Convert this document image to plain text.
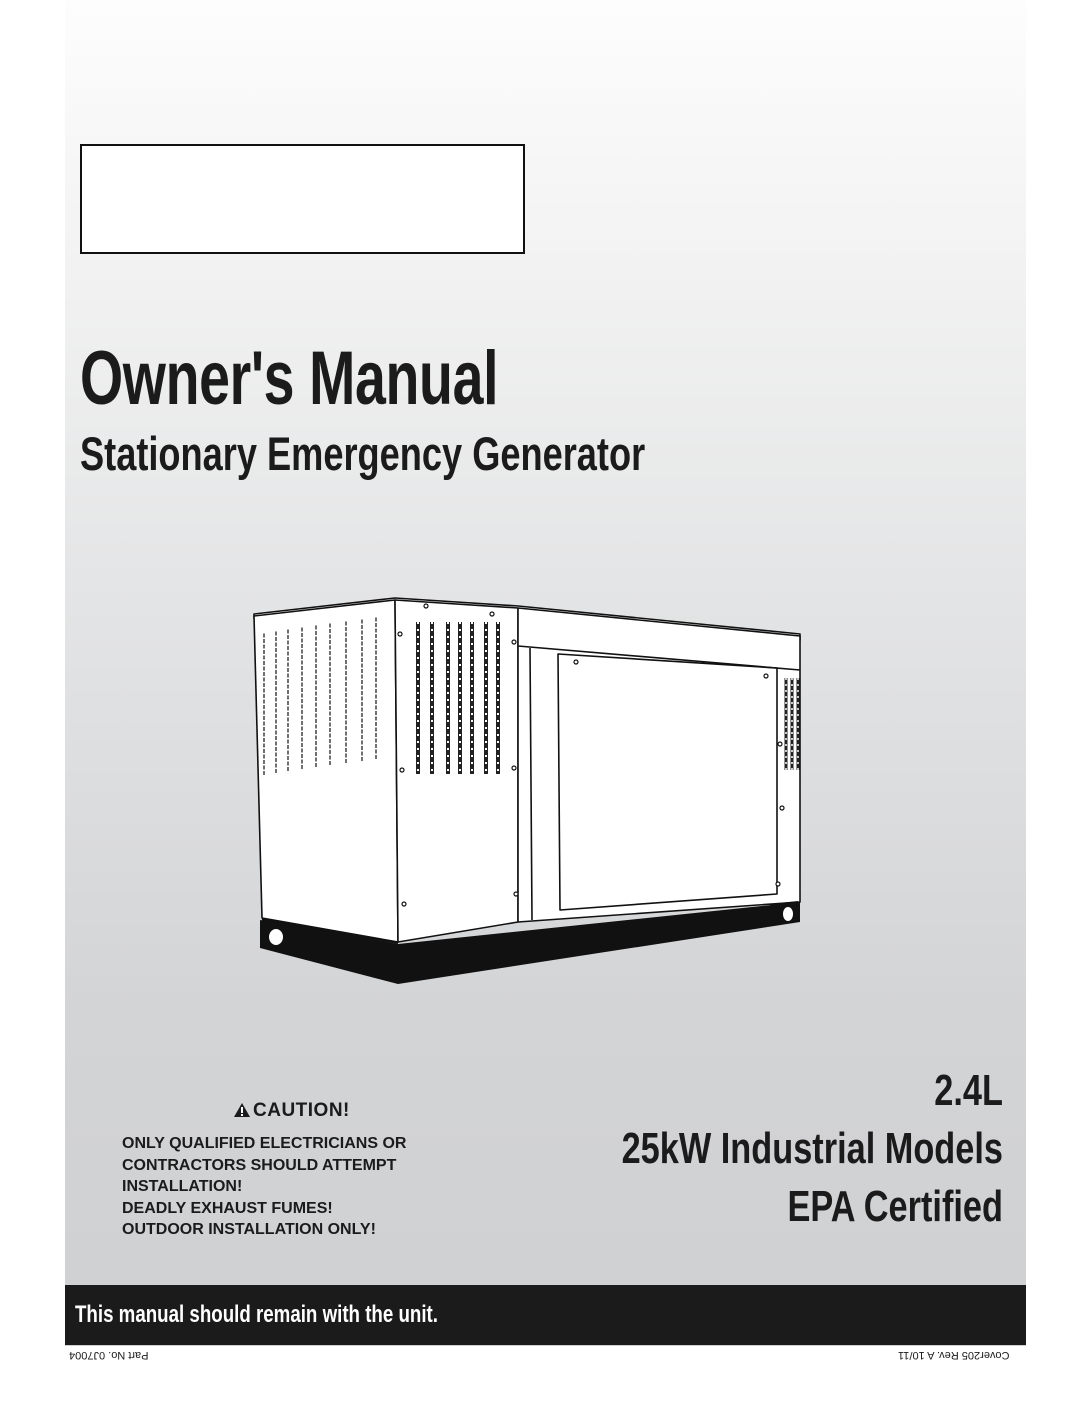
Owner's Manual
Stationary Emergency Generator
CAUTION!
ONLY QUALIFIED ELECTRICIANS OR
CONTRACTORS SHOULD ATTEMPT
INSTALLATION!
DEADLY EXHAUST FUMES!
OUTDOOR INSTALLATION ONLY!
2.4L
25kW Industrial Models
EPA Certified

This manual should remain with the unit.

Part No. 0J7004	Cover205 Rev. A 10/11
